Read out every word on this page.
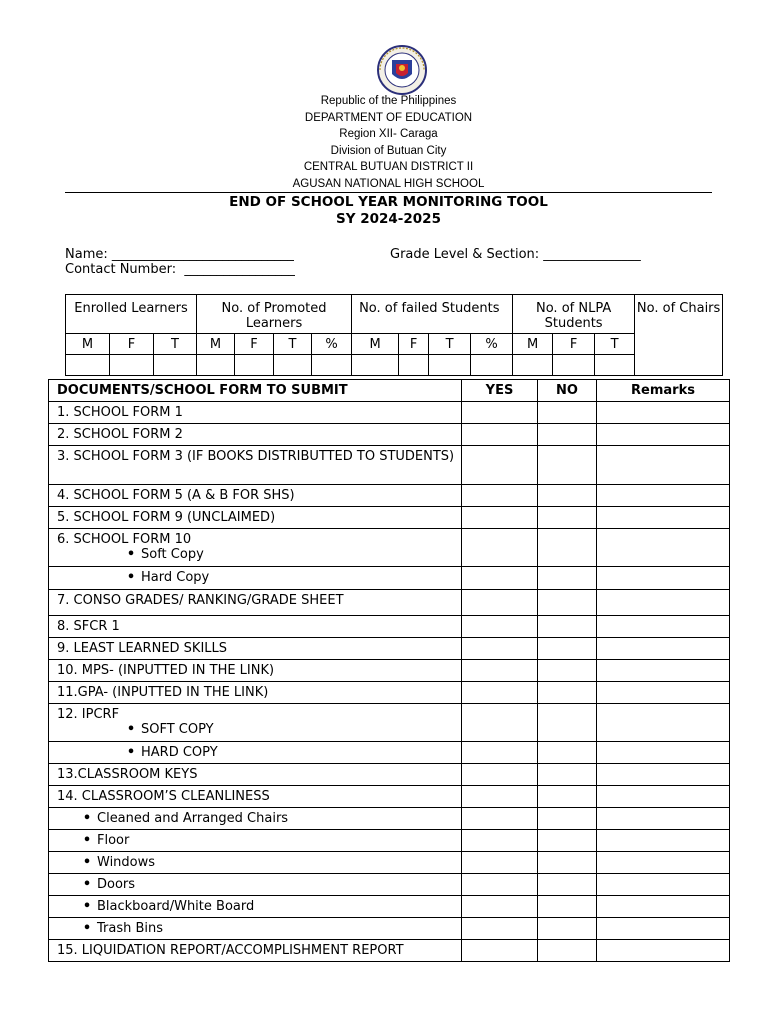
Republic of the Philippines
DEPARTMENT OF EDUCATION
Region XII- Caraga
Division of Butuan City
CENTRAL BUTUAN DISTRICT II
AGUSAN NATIONAL HIGH SCHOOL
END OF SCHOOL YEAR MONITORING TOOL
SY 2024-2025
Name: ____________________________	Grade Level & Section: _______________
Contact Number:  _________________
Enrolled Learners			No. of Promoted Learners				No. of failed Students				No. of NLPA Students			No. of Chairs
M	F	T	M	F	T	%	M	F	T	%	M	F	T	

DOCUMENTS/SCHOOL FORM TO SUBMIT	YES	NO	Remarks
1. SCHOOL FORM 1			
2. SCHOOL FORM 2			
3. SCHOOL FORM 3 (IF BOOKS DISTRIBUTTED TO STUDENTS)			
4. SCHOOL FORM 5 (A & B FOR SHS)			
5. SCHOOL FORM 9 (UNCLAIMED)			

6. SCHOOL FORM 10
• Soft Copy			

• Hard Copy			

7. CONSO GRADES/ RANKING/GRADE SHEET			
8. SFCR 1			
9. LEAST LEARNED SKILLS			
10. MPS- (INPUTTED IN THE LINK)			
11.GPA- (INPUTTED IN THE LINK)			

12. IPCRF
• SOFT COPY			

• HARD COPY			

13.CLASSROOM KEYS			
14. CLASSROOM’S CLEANLINESS			

• Cleaned and Arranged Chairs			

• Floor			

• Windows			

• Doors			

• Blackboard/White Board			

• Trash Bins			

15. LIQUIDATION REPORT/ACCOMPLISHMENT REPORT			
